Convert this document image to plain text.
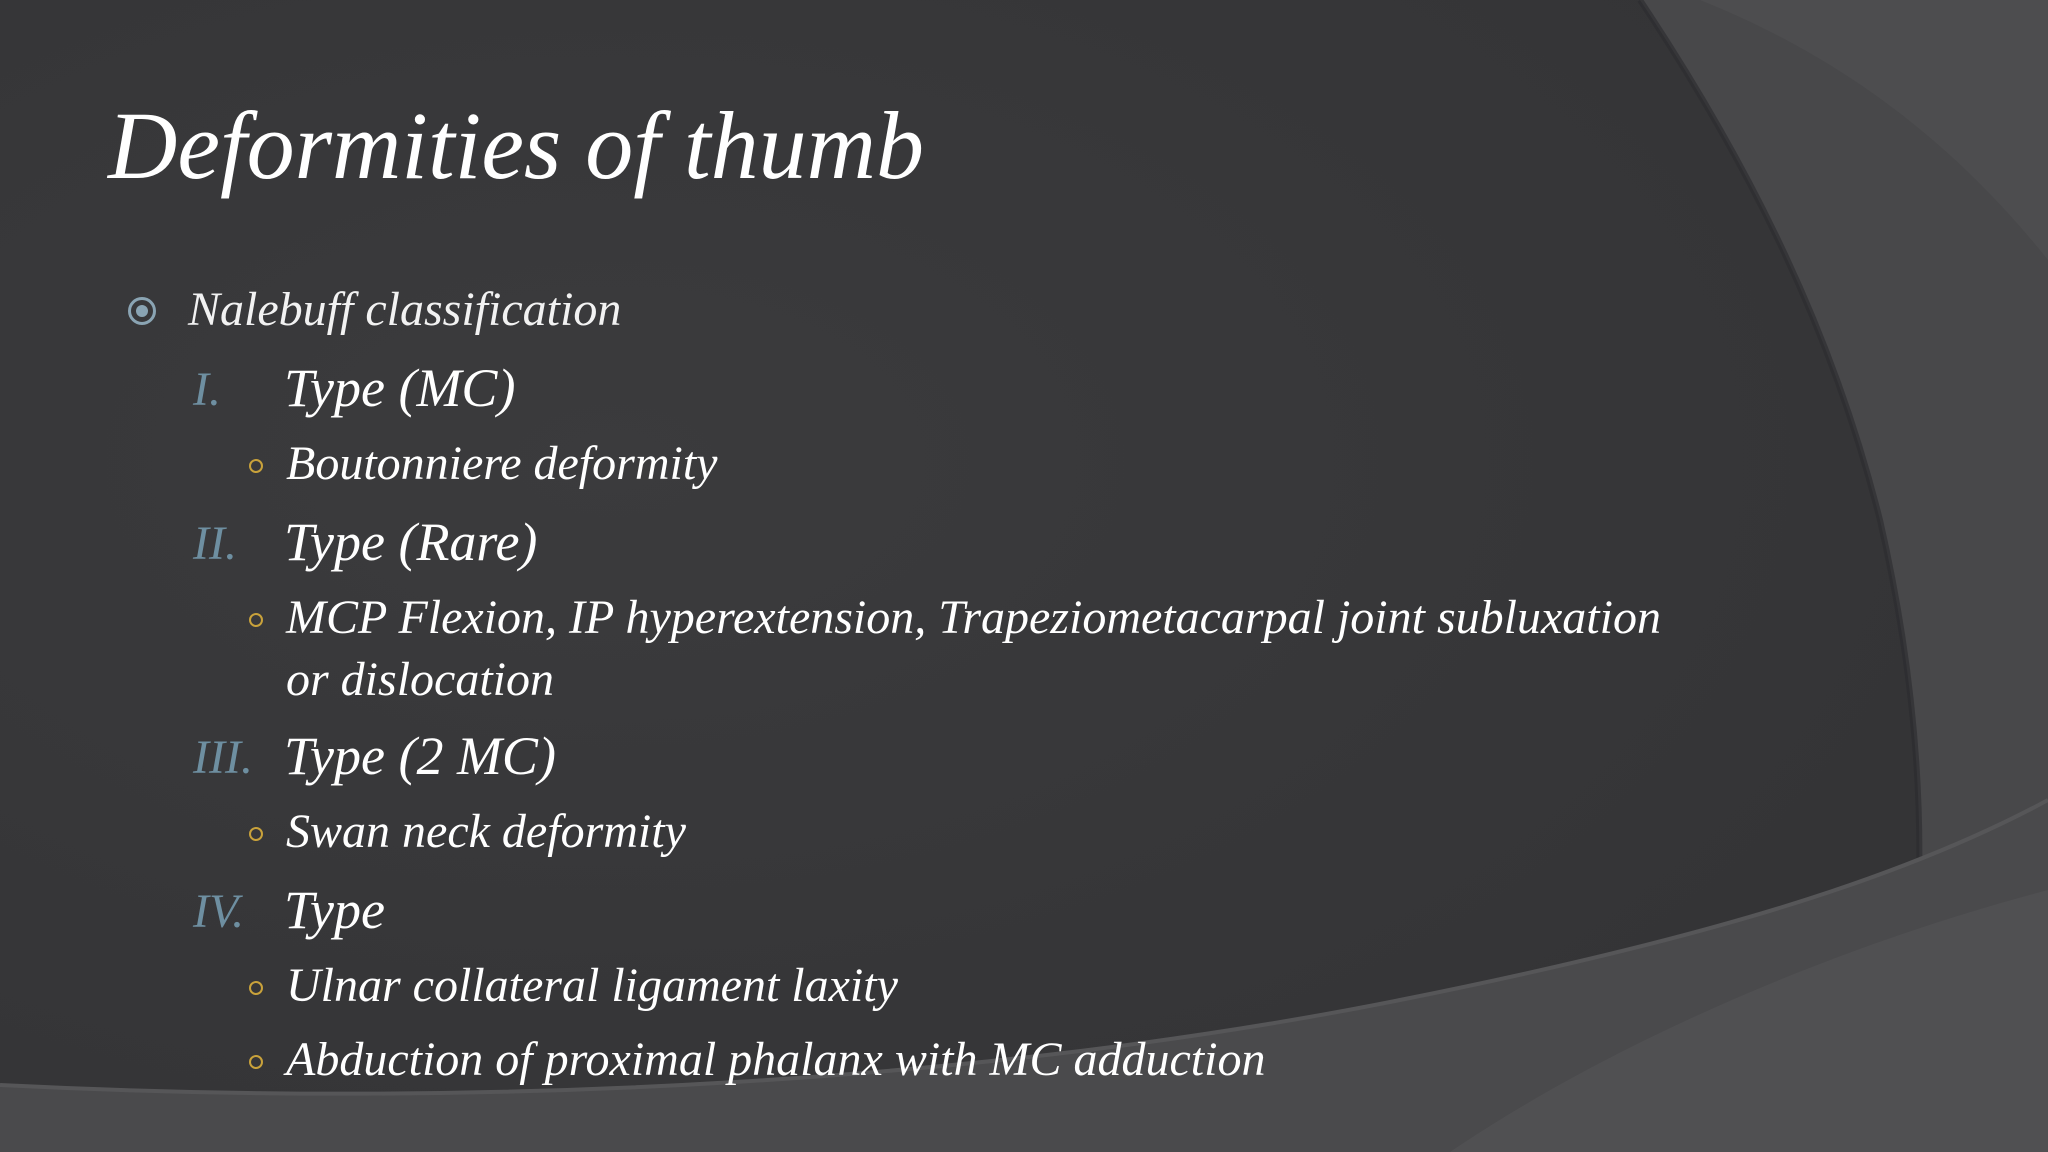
Deformities of thumb
Nalebuff classification
I. Type (MC)
Boutonniere deformity
II. Type (Rare)
MCP Flexion, IP hyperextension, Trapeziometacarpal joint subluxation
or dislocation
III. Type (2 MC)
Swan neck deformity
IV. Type
Ulnar collateral ligament laxity
Abduction of proximal phalanx with MC adduction
